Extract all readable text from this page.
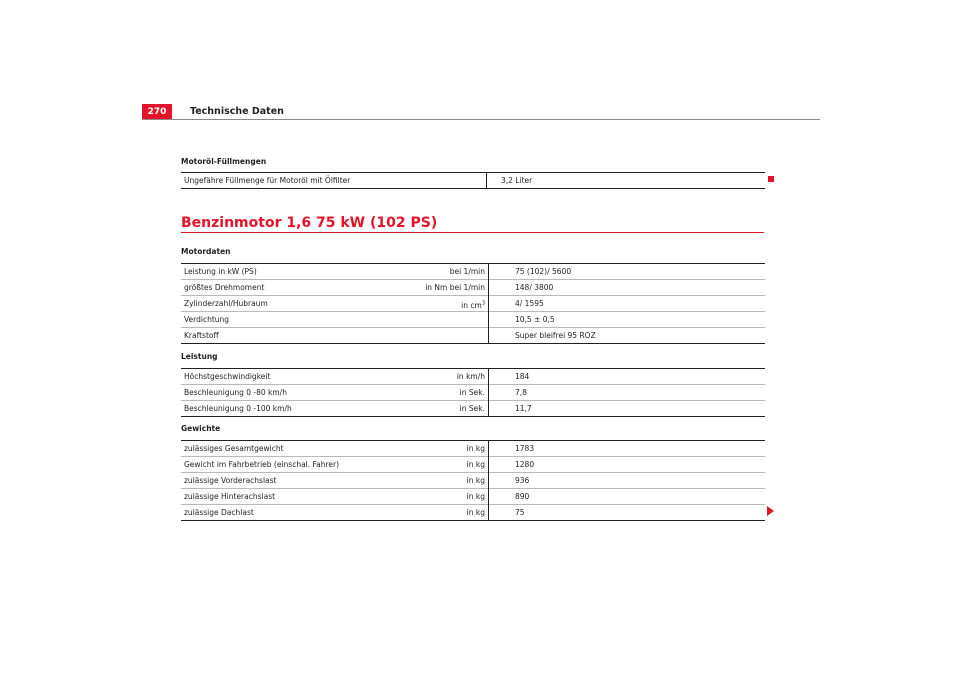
270	Technische Daten
Motoröl-Füllmengen
Ungefähre Füllmenge für Motoröl mit Ölfilter	3,2 Liter
Benzinmotor 1,6 75 kW (102 PS)
Motordaten
Leistung in kW (PS)	bei 1/min	75 (102)/ 5600
größtes Drehmoment	in Nm bei 1/min	148/ 3800
Zylinderzahl/Hubraum	in $cm^3$	4/ 1595
Verdichtung		10,5 ± 0,5
Kraftstoff		Super bleifrei 95 ROZ
Leistung
Höchstgeschwindigkeit	in km/h	184
Beschleunigung 0 -80 km/h	in Sek.	7,8
Beschleunigung 0 -100 km/h	in Sek.	11,7
Gewichte
zulässiges Gesamtgewicht	in kg	1783
Gewicht im Fahrbetrieb (einschal. Fahrer)	in kg	1280
zulässige Vorderachslast	in kg	936
zulässige Hinterachslast	in kg	890
zulässige Dachlast	in kg	75
